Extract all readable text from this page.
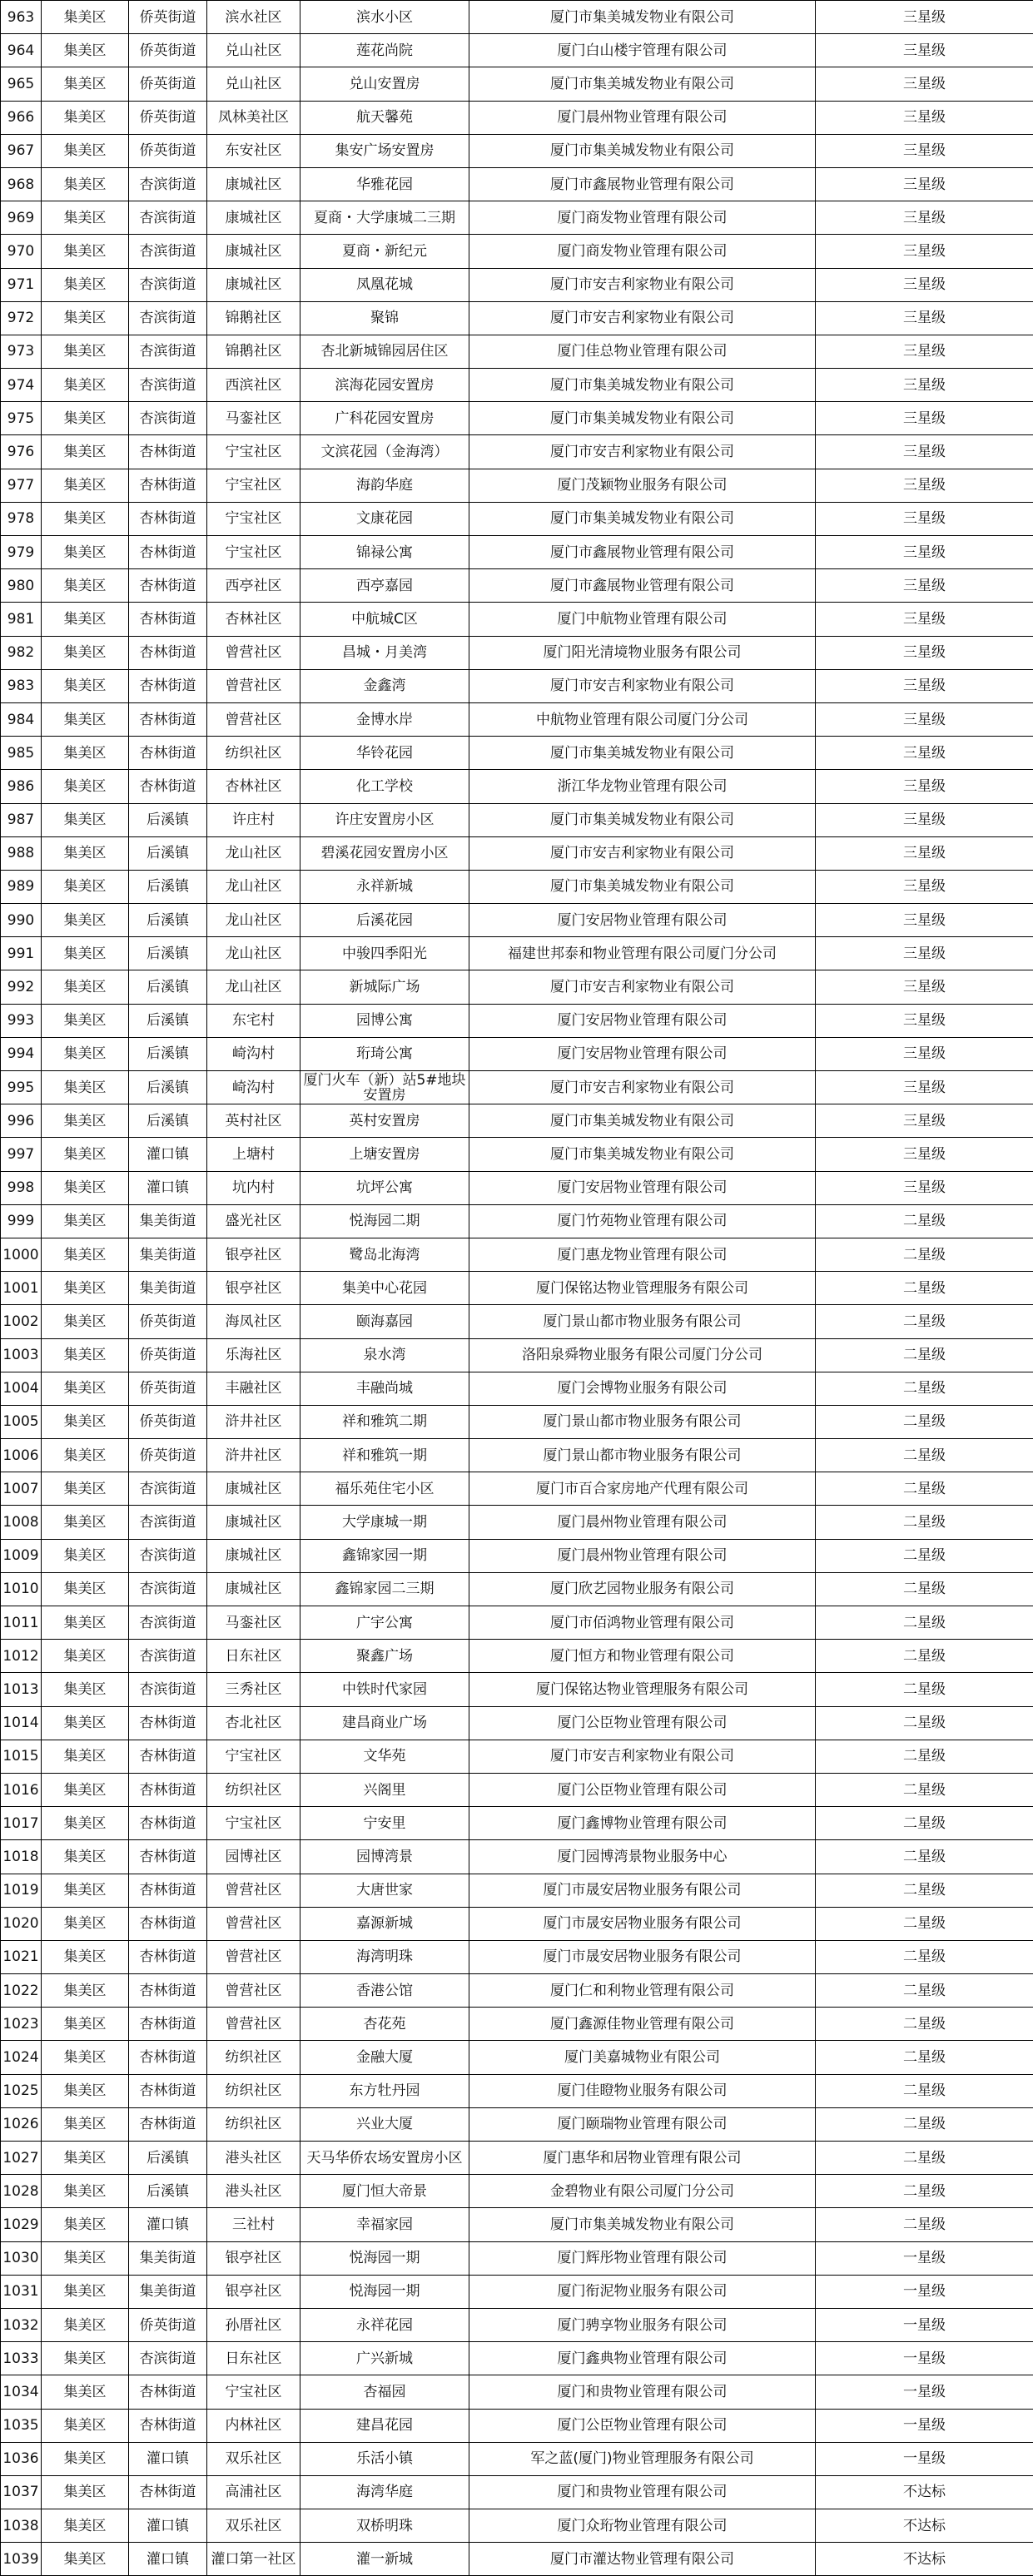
963	集美区	侨英街道	滨水社区	滨水小区	厦门市集美城发物业有限公司	三星级
964	集美区	侨英街道	兑山社区	莲花尚院	厦门白山楼宇管理有限公司	三星级
965	集美区	侨英街道	兑山社区	兑山安置房	厦门市集美城发物业有限公司	三星级
966	集美区	侨英街道	凤林美社区	航天馨苑	厦门晨州物业管理有限公司	三星级
967	集美区	侨英街道	东安社区	集安广场安置房	厦门市集美城发物业有限公司	三星级
968	集美区	杏滨街道	康城社区	华雅花园	厦门市鑫展物业管理有限公司	三星级
969	集美区	杏滨街道	康城社区	夏商・大学康城二三期	厦门商发物业管理有限公司	三星级
970	集美区	杏滨街道	康城社区	夏商・新纪元	厦门商发物业管理有限公司	三星级
971	集美区	杏滨街道	康城社区	凤凰花城	厦门市安吉利家物业有限公司	三星级
972	集美区	杏滨街道	锦鹅社区	聚锦	厦门市安吉利家物业有限公司	三星级
973	集美区	杏滨街道	锦鹅社区	杏北新城锦园居住区	厦门佳总物业管理有限公司	三星级
974	集美区	杏滨街道	西滨社区	滨海花园安置房	厦门市集美城发物业有限公司	三星级
975	集美区	杏滨街道	马銮社区	广科花园安置房	厦门市集美城发物业有限公司	三星级
976	集美区	杏林街道	宁宝社区	文滨花园（金海湾）	厦门市安吉利家物业有限公司	三星级
977	集美区	杏林街道	宁宝社区	海韵华庭	厦门茂颖物业服务有限公司	三星级
978	集美区	杏林街道	宁宝社区	文康花园	厦门市集美城发物业有限公司	三星级
979	集美区	杏林街道	宁宝社区	锦禄公寓	厦门市鑫展物业管理有限公司	三星级
980	集美区	杏林街道	西亭社区	西亭嘉园	厦门市鑫展物业管理有限公司	三星级
981	集美区	杏林街道	杏林社区	中航城C区	厦门中航物业管理有限公司	三星级
982	集美区	杏林街道	曾营社区	昌城・月美湾	厦门阳光清境物业服务有限公司	三星级
983	集美区	杏林街道	曾营社区	金鑫湾	厦门市安吉利家物业有限公司	三星级
984	集美区	杏林街道	曾营社区	金博水岸	中航物业管理有限公司厦门分公司	三星级
985	集美区	杏林街道	纺织社区	华铃花园	厦门市集美城发物业有限公司	三星级
986	集美区	杏林街道	杏林社区	化工学校	浙江华龙物业管理有限公司	三星级
987	集美区	后溪镇	许庄村	许庄安置房小区	厦门市集美城发物业有限公司	三星级
988	集美区	后溪镇	龙山社区	碧溪花园安置房小区	厦门市安吉利家物业有限公司	三星级
989	集美区	后溪镇	龙山社区	永祥新城	厦门市集美城发物业有限公司	三星级
990	集美区	后溪镇	龙山社区	后溪花园	厦门安居物业管理有限公司	三星级
991	集美区	后溪镇	龙山社区	中骏四季阳光	福建世邦泰和物业管理有限公司厦门分公司	三星级
992	集美区	后溪镇	龙山社区	新城际广场	厦门市安吉利家物业有限公司	三星级
993	集美区	后溪镇	东宅村	园博公寓	厦门安居物业管理有限公司	三星级
994	集美区	后溪镇	崎沟村	珩琦公寓	厦门安居物业管理有限公司	三星级
995	集美区	后溪镇	崎沟村	厦门火车（新）站5#地块安置房	厦门市安吉利家物业有限公司	三星级
996	集美区	后溪镇	英村社区	英村安置房	厦门市集美城发物业有限公司	三星级
997	集美区	灌口镇	上塘村	上塘安置房	厦门市集美城发物业有限公司	三星级
998	集美区	灌口镇	坑内村	坑坪公寓	厦门安居物业管理有限公司	三星级
999	集美区	集美街道	盛光社区	悦海园二期	厦门竹苑物业管理有限公司	二星级
1000	集美区	集美街道	银亭社区	鹭岛北海湾	厦门惠龙物业管理有限公司	二星级
1001	集美区	集美街道	银亭社区	集美中心花园	厦门保铭达物业管理服务有限公司	二星级
1002	集美区	侨英街道	海凤社区	颐海嘉园	厦门景山都市物业服务有限公司	二星级
1003	集美区	侨英街道	乐海社区	泉水湾	洛阳泉舜物业服务有限公司厦门分公司	二星级
1004	集美区	侨英街道	丰融社区	丰融尚城	厦门会博物业服务有限公司	二星级
1005	集美区	侨英街道	浒井社区	祥和雅筑二期	厦门景山都市物业服务有限公司	二星级
1006	集美区	侨英街道	浒井社区	祥和雅筑一期	厦门景山都市物业服务有限公司	二星级
1007	集美区	杏滨街道	康城社区	福乐苑住宅小区	厦门市百合家房地产代理有限公司	二星级
1008	集美区	杏滨街道	康城社区	大学康城一期	厦门晨州物业管理有限公司	二星级
1009	集美区	杏滨街道	康城社区	鑫锦家园一期	厦门晨州物业管理有限公司	二星级
1010	集美区	杏滨街道	康城社区	鑫锦家园二三期	厦门欣艺园物业服务有限公司	二星级
1011	集美区	杏滨街道	马銮社区	广宇公寓	厦门市佰鸿物业管理有限公司	二星级
1012	集美区	杏滨街道	日东社区	聚鑫广场	厦门恒方和物业管理有限公司	二星级
1013	集美区	杏滨街道	三秀社区	中铁时代家园	厦门保铭达物业管理服务有限公司	二星级
1014	集美区	杏林街道	杏北社区	建昌商业广场	厦门公臣物业管理有限公司	二星级
1015	集美区	杏林街道	宁宝社区	文华苑	厦门市安吉利家物业有限公司	二星级
1016	集美区	杏林街道	纺织社区	兴阁里	厦门公臣物业管理有限公司	二星级
1017	集美区	杏林街道	宁宝社区	宁安里	厦门鑫博物业管理有限公司	二星级
1018	集美区	杏林街道	园博社区	园博湾景	厦门园博湾景物业服务中心	二星级
1019	集美区	杏林街道	曾营社区	大唐世家	厦门市晟安居物业服务有限公司	二星级
1020	集美区	杏林街道	曾营社区	嘉源新城	厦门市晟安居物业服务有限公司	二星级
1021	集美区	杏林街道	曾营社区	海湾明珠	厦门市晟安居物业服务有限公司	二星级
1022	集美区	杏林街道	曾营社区	香港公馆	厦门仁和利物业管理有限公司	二星级
1023	集美区	杏林街道	曾营社区	杏花苑	厦门鑫源佳物业管理有限公司	二星级
1024	集美区	杏林街道	纺织社区	金融大厦	厦门美嘉城物业有限公司	二星级
1025	集美区	杏林街道	纺织社区	东方牡丹园	厦门佳瞪物业服务有限公司	二星级
1026	集美区	杏林街道	纺织社区	兴业大厦	厦门颐瑞物业管理有限公司	二星级
1027	集美区	后溪镇	港头社区	天马华侨农场安置房小区	厦门惠华和居物业管理有限公司	二星级
1028	集美区	后溪镇	港头社区	厦门恒大帝景	金碧物业有限公司厦门分公司	二星级
1029	集美区	灌口镇	三社村	幸福家园	厦门市集美城发物业有限公司	二星级
1030	集美区	集美街道	银亭社区	悦海园一期	厦门辉彤物业管理有限公司	一星级
1031	集美区	集美街道	银亭社区	悦海园一期	厦门衔泥物业服务有限公司	一星级
1032	集美区	侨英街道	孙厝社区	永祥花园	厦门骋享物业服务有限公司	一星级
1033	集美区	杏滨街道	日东社区	广兴新城	厦门鑫典物业管理有限公司	一星级
1034	集美区	杏林街道	宁宝社区	杏福园	厦门和贵物业管理有限公司	一星级
1035	集美区	杏林街道	内林社区	建昌花园	厦门公臣物业管理有限公司	一星级
1036	集美区	灌口镇	双乐社区	乐活小镇	军之蓝(厦门)物业管理服务有限公司	一星级
1037	集美区	杏林街道	高浦社区	海湾华庭	厦门和贵物业管理有限公司	不达标
1038	集美区	灌口镇	双乐社区	双桥明珠	厦门众珩物业管理有限公司	不达标
1039	集美区	灌口镇	灌口第一社区	灌一新城	厦门市灌达物业管理有限公司	不达标
